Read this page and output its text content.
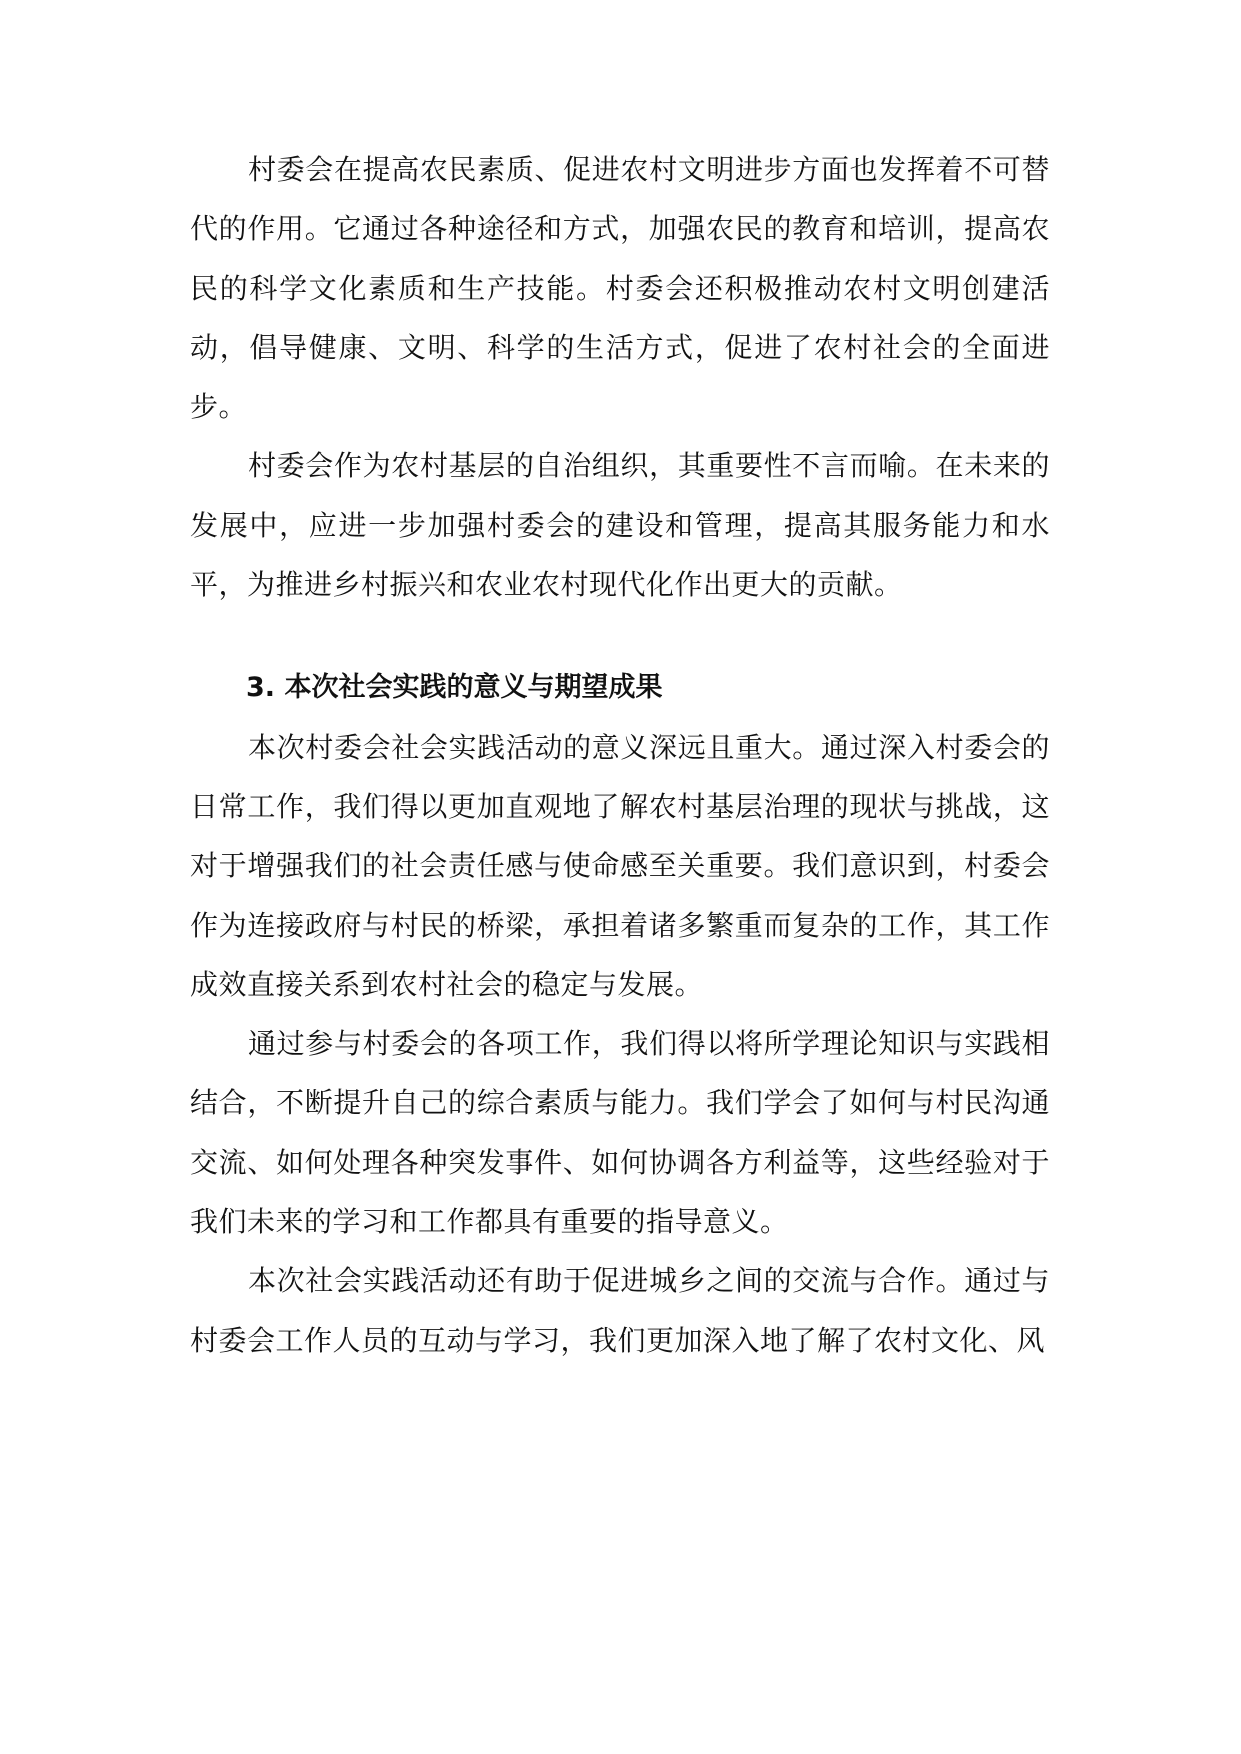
村委会在提高农民素质、促进农村文明进步方面也发挥着不可替代的作用。它通过各种途径和方式，加强农民的教育和培训，提高农民的科学文化素质和生产技能。村委会还积极推动农村文明创建活动，倡导健康、文明、科学的生活方式，促进了农村社会的全面进步。

村委会作为农村基层的自治组织，其重要性不言而喻。在未来的发展中，应进一步加强村委会的建设和管理，提高其服务能力和水平，为推进乡村振兴和农业农村现代化作出更大的贡献。

3. 本次社会实践的意义与期望成果

本次村委会社会实践活动的意义深远且重大。通过深入村委会的日常工作，我们得以更加直观地了解农村基层治理的现状与挑战，这对于增强我们的社会责任感与使命感至关重要。我们意识到，村委会作为连接政府与村民的桥梁，承担着诸多繁重而复杂的工作，其工作成效直接关系到农村社会的稳定与发展。

通过参与村委会的各项工作，我们得以将所学理论知识与实践相结合，不断提升自己的综合素质与能力。我们学会了如何与村民沟通交流、如何处理各种突发事件、如何协调各方利益等，这些经验对于我们未来的学习和工作都具有重要的指导意义。

本次社会实践活动还有助于促进城乡之间的交流与合作。通过与村委会工作人员的互动与学习，我们更加深入地了解了农村文化、风
